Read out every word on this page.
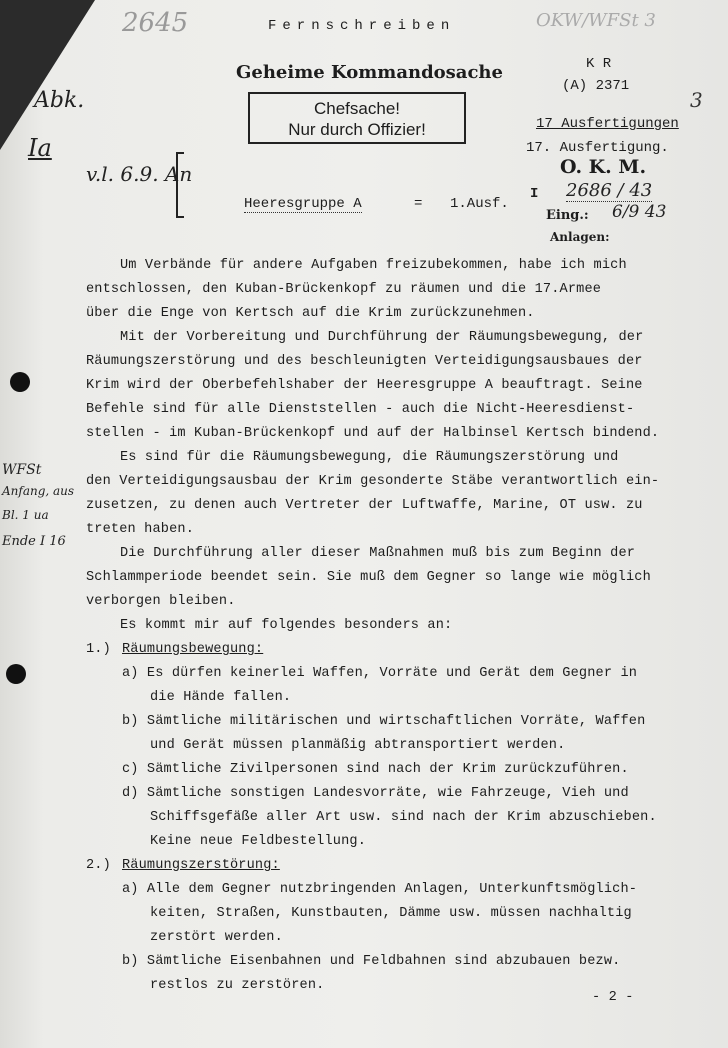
Fernschreiben
Geheime Kommandosache
Chefsache!
Nur durch Offizier!
K R
(A) 2371
17 Ausfertigungen
17. Ausfertigung.
O. K. M.
I 2686 / 43
Eing.: 6/9 43
Anlagen:
Heeresgruppe A	= 1.Ausf.
2645	OKW/WFSt 3
3
Abk.
Ia
v.l. 6.9. An
WFSt
Anfang, aus
Bl. 1 ua
Ende I 16
Um Verbände für andere Aufgaben freizubekommen, habe ich mich
entschlossen, den Kuban-Brückenkopf zu räumen und die 17.Armee
über die Enge von Kertsch auf die Krim zurückzunehmen.
Mit der Vorbereitung und Durchführung der Räumungsbewegung, der
Räumungszerstörung und des beschleunigten Verteidigungsausbaues der
Krim wird der Oberbefehlshaber der Heeresgruppe A beauftragt. Seine
Befehle sind für alle Dienststellen - auch die Nicht-Heeresdienst-
stellen - im Kuban-Brückenkopf und auf der Halbinsel Kertsch bindend.
Es sind für die Räumungsbewegung, die Räumungszerstörung und
den Verteidigungsausbau der Krim gesonderte Stäbe verantwortlich ein-
zusetzen, zu denen auch Vertreter der Luftwaffe, Marine, OT usw. zu
treten haben.
Die Durchführung aller dieser Maßnahmen muß bis zum Beginn der
Schlammperiode beendet sein. Sie muß dem Gegner so lange wie möglich
verborgen bleiben.
Es kommt mir auf folgendes besonders an:
1.) Räumungsbewegung:
a) Es dürfen keinerlei Waffen, Vorräte und Gerät dem Gegner in
die Hände fallen.
b) Sämtliche militärischen und wirtschaftlichen Vorräte, Waffen
und Gerät müssen planmäßig abtransportiert werden.
c) Sämtliche Zivilpersonen sind nach der Krim zurückzuführen.
d) Sämtliche sonstigen Landesvorräte, wie Fahrzeuge, Vieh und
Schiffsgefäße aller Art usw. sind nach der Krim abzuschieben.
Keine neue Feldbestellung.
2.) Räumungszerstörung:
a) Alle dem Gegner nutzbringenden Anlagen, Unterkunftsmöglich-
keiten, Straßen, Kunstbauten, Dämme usw. müssen nachhaltig
zerstört werden.
b) Sämtliche Eisenbahnen und Feldbahnen sind abzubauen bezw.
restlos zu zerstören.
- 2 -
